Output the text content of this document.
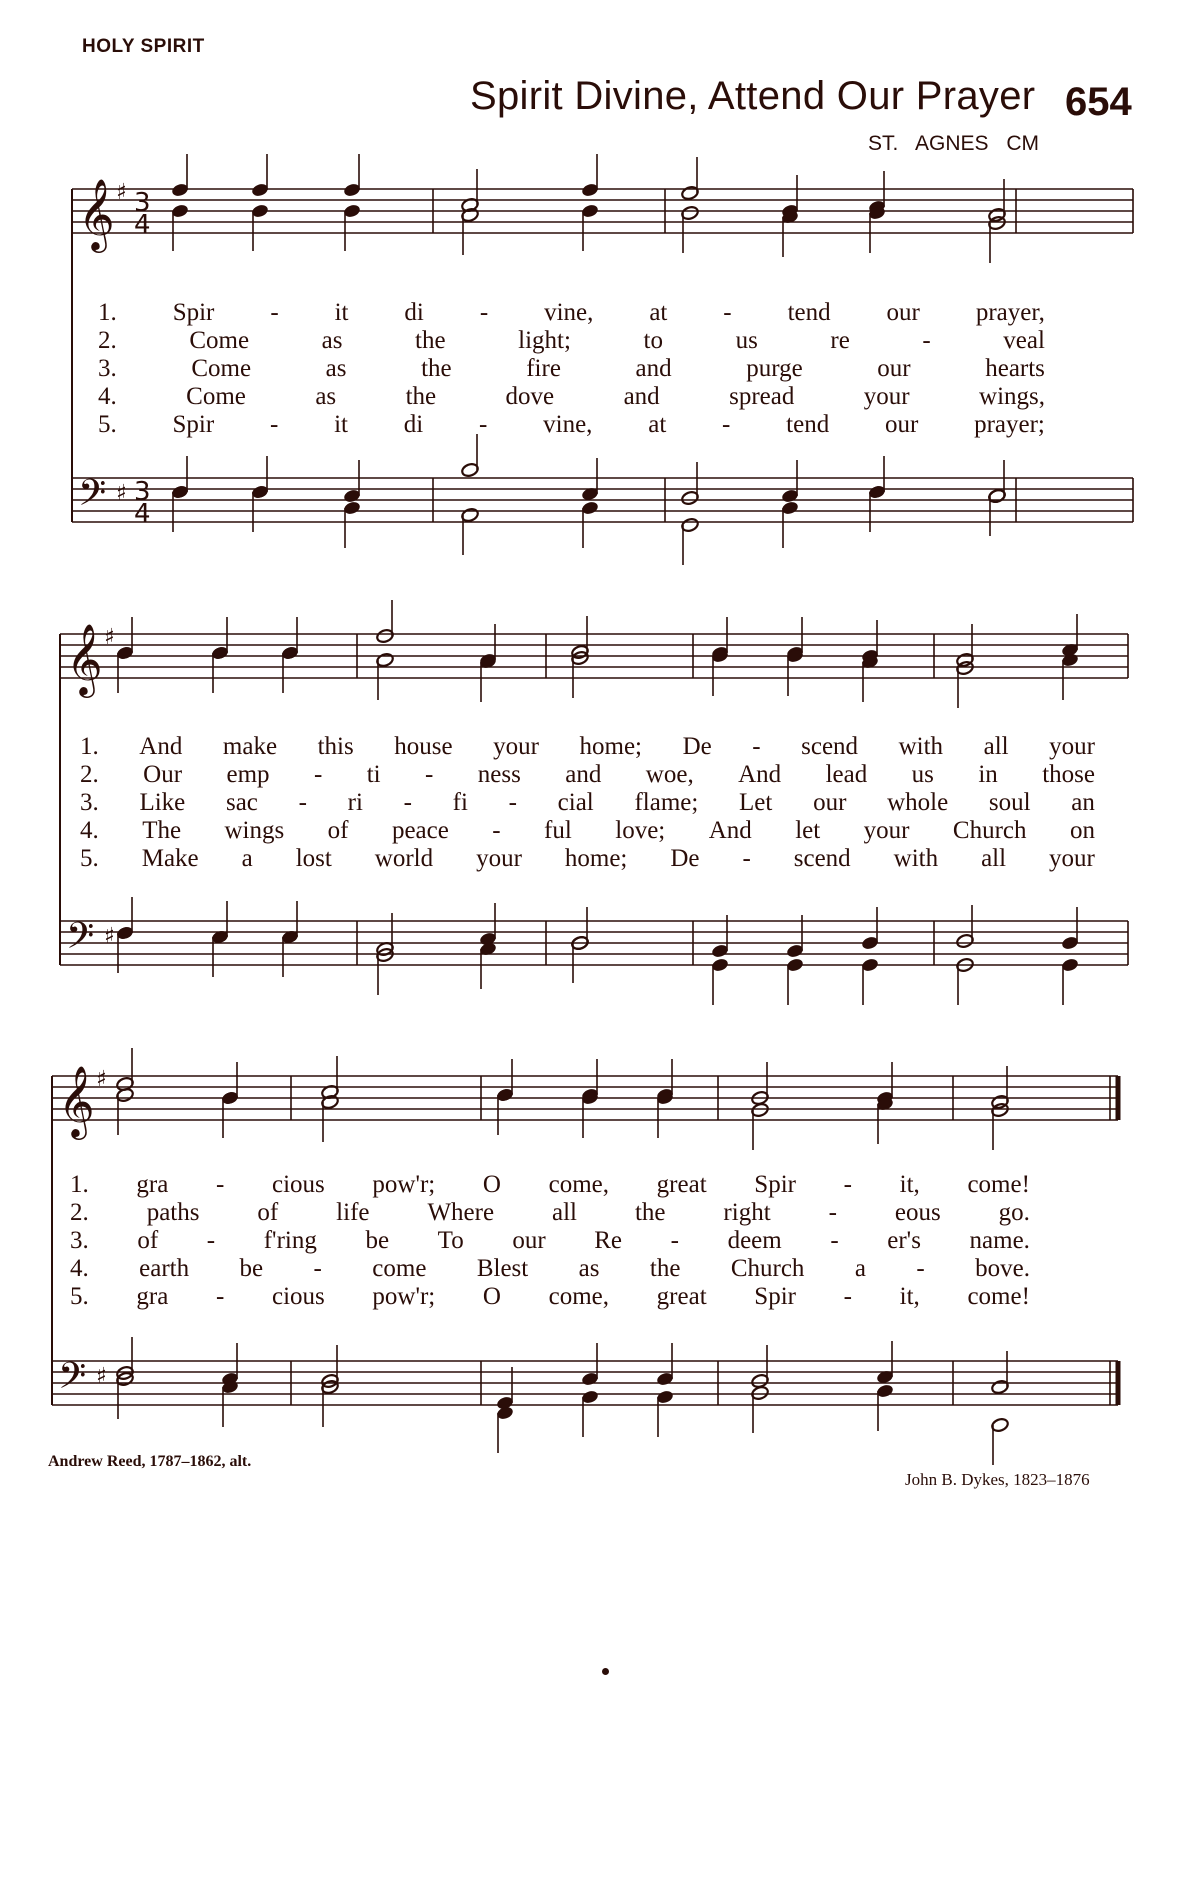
HOLY SPIRIT
Spirit Divine, Attend Our Prayer 654
ST. AGNES CM
𝄞
𝄢
♯
♯
3
4
3
4
𝄞
𝄢
♯
♯
𝄞
𝄢
♯
♯
1. Spir - it di - vine, at - tend our prayer,
2.	Come	as	the	light;	to	us	re	-	veal
3.	Come	as	the	fire	and	purge	our	hearts
4.	Come	as	the	dove	and	spread	your	wings,
5. Spir - it di - vine, at - tend our prayer;
1. And make this house your home; De - scend with all your
2. Our emp - ti - ness and woe, And lead us in those
3. Like sac - ri - fi - cial flame; Let our whole soul an
4. The wings of peace - ful love; And let your Church on
5. Make a lost world your home; De - scend with all your
1. gra - cious pow'r; O come, great Spir - it, come!
2. paths of life Where all the right - eous go.
3. of - f'ring be To our Re - deem - er's name.
4. earth be - come Blest as the Church a - bove.
5. gra - cious pow'r; O come, great Spir - it, come!
Andrew Reed, 1787–1862, alt.
John B. Dykes, 1823–1876
